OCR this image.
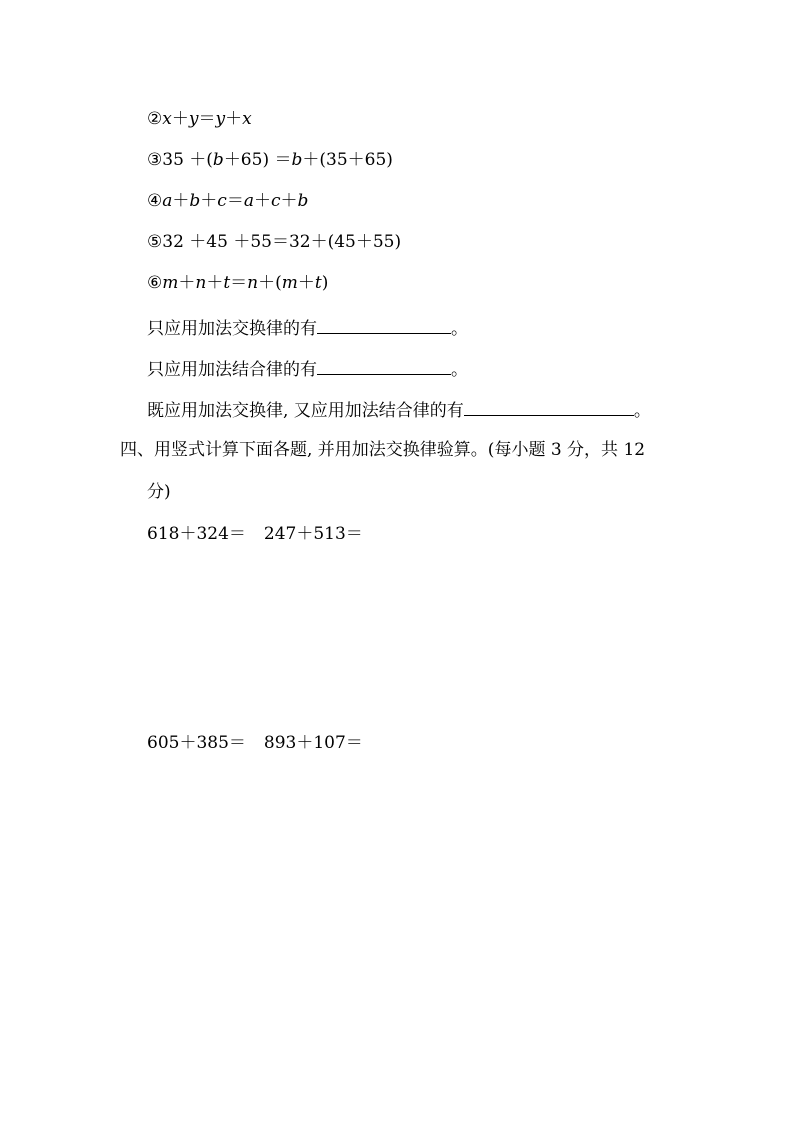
②x＋y＝y＋x
③35 ＋(b＋65) ＝b＋(35＋65)
④a＋b＋c＝a＋c＋b
⑤32 ＋45 ＋55＝32＋(45＋55)
⑥m＋n＋t＝n＋(m＋t)
只应用加法交换律的有	。
只应用加法结合律的有	。
既应用加法交换律, 又应用加法结合律的有	。
四、用竖式计算下面各题, 并用加法交换律验算。(每小题 3 分，共 12
分)
618＋324＝ 247＋513＝
605＋385＝ 893＋107＝
